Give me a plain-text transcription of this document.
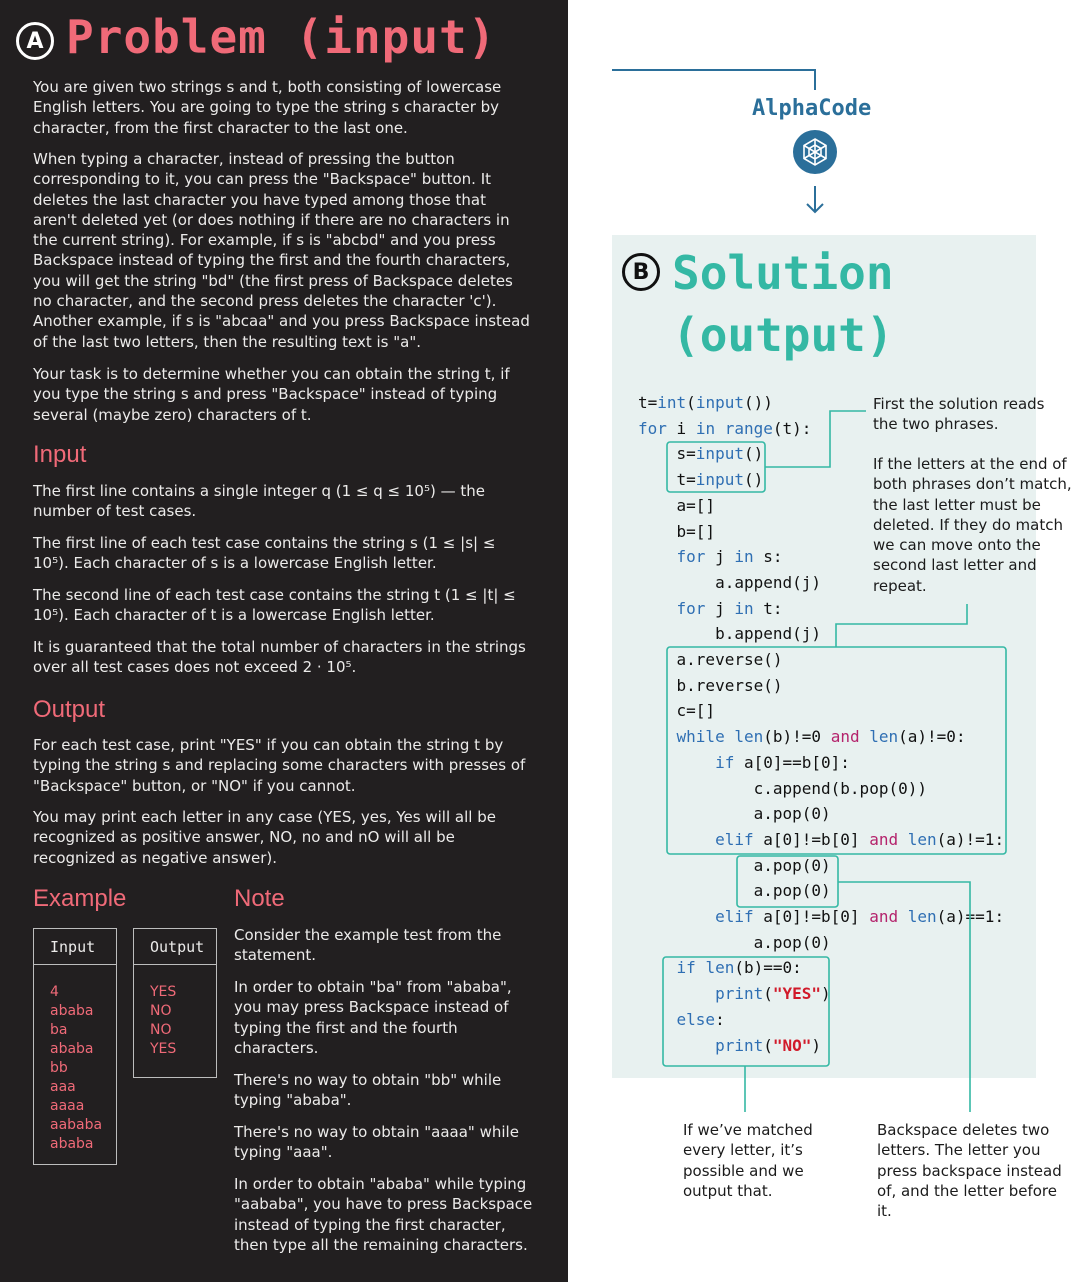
A Problem (input)
You are given two strings s and t, both consisting of lowercase English letters. You are going to type the string s character by character, from the first character to the last one.
When typing a character, instead of pressing the button corresponding to it, you can press the "Backspace" button. It deletes the last character you have typed among those that aren't deleted yet (or does nothing if there are no characters in the current string). For example, if s is "abcbd" and you press Backspace instead of typing the first and the fourth characters, you will get the string "bd" (the first press of Backspace deletes no character, and the second press deletes the character 'c'). Another example, if s is "abcaa" and you press Backspace instead of the last two letters, then the resulting text is "a".
Your task is to determine whether you can obtain the string t, if you type the string s and press "Backspace" instead of typing several (maybe zero) characters of t.
Input
The first line contains a single integer q (1 ≤ q ≤ 10⁵) — the number of test cases.
The first line of each test case contains the string s (1 ≤ |s| ≤ 10⁵). Each character of s is a lowercase English letter.
The second line of each test case contains the string t (1 ≤ |t| ≤ 10⁵). Each character of t is a lowercase English letter.
It is guaranteed that the total number of characters in the strings over all test cases does not exceed 2 · 10⁵.
Output
For each test case, print "YES" if you can obtain the string t by typing the string s and replacing some characters with presses of "Backspace" button, or "NO" if you cannot.
You may print each letter in any case (YES, yes, Yes will all be recognized as positive answer, NO, no and nO will all be recognized as negative answer).
Example
Input
4
ababa
ba
ababa
bb
aaa
aaaa
aababa
ababa
Output
YES
NO
NO
YES
Note
Consider the example test from the statement.
In order to obtain "ba" from "ababa", you may press Backspace instead of typing the first and the fourth characters.
There's no way to obtain "bb" while typing "ababa".
There's no way to obtain "aaaa" while typing "aaa".
In order to obtain "ababa" while typing "aababa", you have to press Backspace instead of typing the first character, then type all the remaining characters.
AlphaCode
B Solution
(output)
t=int(input())
for i in range(t):
s=input()
t=input()
a=[]
b=[]
for j in s:
a.append(j)
for j in t:
b.append(j)
a.reverse()
b.reverse()
c=[]
while len(b)!=0 and len(a)!=0:
if a[0]==b[0]:
c.append(b.pop(0))
a.pop(0)
elif a[0]!=b[0] and len(a)!=1:
a.pop(0)
a.pop(0)
elif a[0]!=b[0] and len(a)==1:
a.pop(0)
if len(b)==0:
print("YES")
else:
print("NO")
First the solution reads the two phrases.
If the letters at the end of both phrases don’t match, the last letter must be deleted. If they do match we can move onto the second last letter and repeat.
If we’ve matched every letter, it’s possible and we output that.
Backspace deletes two letters. The letter you press backspace instead of, and the letter before it.
